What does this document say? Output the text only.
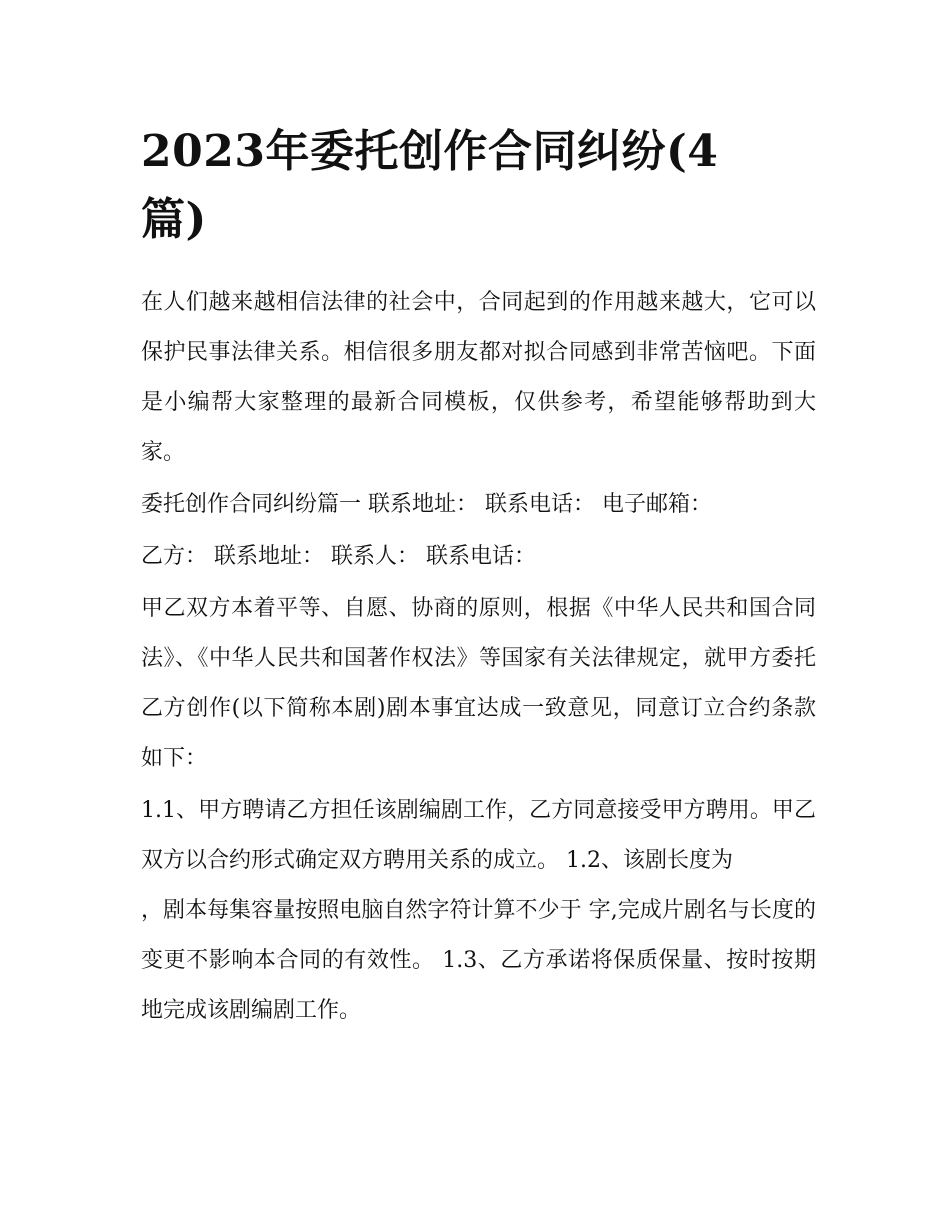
2023年委托创作合同纠纷(4篇)

在人们越来越相信法律的社会中，合同起到的作用越来越大，它可以保护民事法律关系。相信很多朋友都对拟合同感到非常苦恼吧。下面是小编帮大家整理的最新合同模板，仅供参考，希望能够帮助到大家。

委托创作合同纠纷篇一 联系地址： 联系电话： 电子邮箱：

乙方： 联系地址： 联系人： 联系电话：

甲乙双方本着平等、自愿、协商的原则，根据《中华人民共和国合同法》、《中华人民共和国著作权法》等国家有关法律规定，就甲方委托乙方创作(以下简称本剧)剧本事宜达成一致意见，同意订立合约条款如下：

1.1、甲方聘请乙方担任该剧编剧工作，乙方同意接受甲方聘用。甲乙双方以合约形式确定双方聘用关系的成立。 1.2、该剧长度为

，剧本每集容量按照电脑自然字符计算不少于 字,完成片剧名与长度的变更不影响本合同的有效性。 1.3、乙方承诺将保质保量、按时按期地完成该剧编剧工作。
